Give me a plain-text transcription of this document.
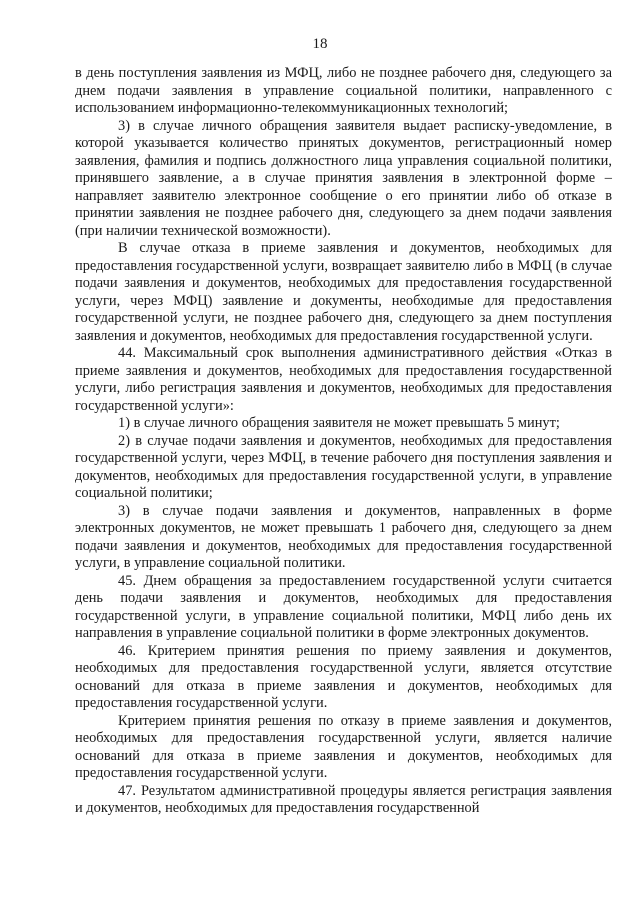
18

в день поступления заявления из МФЦ, либо не позднее рабочего дня, следующего за днем подачи заявления в управление социальной политики, направленного с использованием информационно-телекоммуникационных технологий;

3) в случае личного обращения заявителя выдает расписку-уведомление, в которой указывается количество принятых документов, регистрационный номер заявления, фамилия и подпись должностного лица управления социальной политики, принявшего заявление, а в случае принятия заявления в электронной форме – направляет заявителю электронное сообщение о его принятии либо об отказе в принятии заявления не позднее рабочего дня, следующего за днем подачи заявления (при наличии технической возможности).

В случае отказа в приеме заявления и документов, необходимых для предоставления государственной услуги, возвращает заявителю либо в МФЦ (в случае подачи заявления и документов, необходимых для предоставления государственной услуги, через МФЦ) заявление и документы, необходимые для предоставления государственной услуги, не позднее рабочего дня, следующего за днем поступления заявления и документов, необходимых для предоставления государственной услуги.

44. Максимальный срок выполнения административного действия «Отказ в приеме заявления и документов, необходимых для предоставления государственной услуги, либо регистрация заявления и документов, необходимых для предоставления государственной услуги»:

1) в случае личного обращения заявителя не может превышать 5 минут;

2) в случае подачи заявления и документов, необходимых для предоставления государственной услуги, через МФЦ, в течение рабочего дня поступления заявления и документов, необходимых для предоставления государственной услуги, в управление социальной политики;

3) в случае подачи заявления и документов, направленных в форме электронных документов, не может превышать 1 рабочего дня, следующего за днем подачи заявления и документов, необходимых для предоставления государственной услуги, в управление социальной политики.

45. Днем обращения за предоставлением государственной услуги считается день подачи заявления и документов, необходимых для предоставления государственной услуги, в управление социальной политики, МФЦ либо день их направления в управление социальной политики в форме электронных документов.

46. Критерием принятия решения по приему заявления и документов, необходимых для предоставления государственной услуги, является отсутствие оснований для отказа в приеме заявления и документов, необходимых для предоставления государственной услуги.

Критерием принятия решения по отказу в приеме заявления и документов, необходимых для предоставления государственной услуги, является наличие оснований для отказа в приеме заявления и документов, необходимых для предоставления государственной услуги.

47. Результатом административной процедуры является регистрация заявления и документов, необходимых для предоставления государственной
